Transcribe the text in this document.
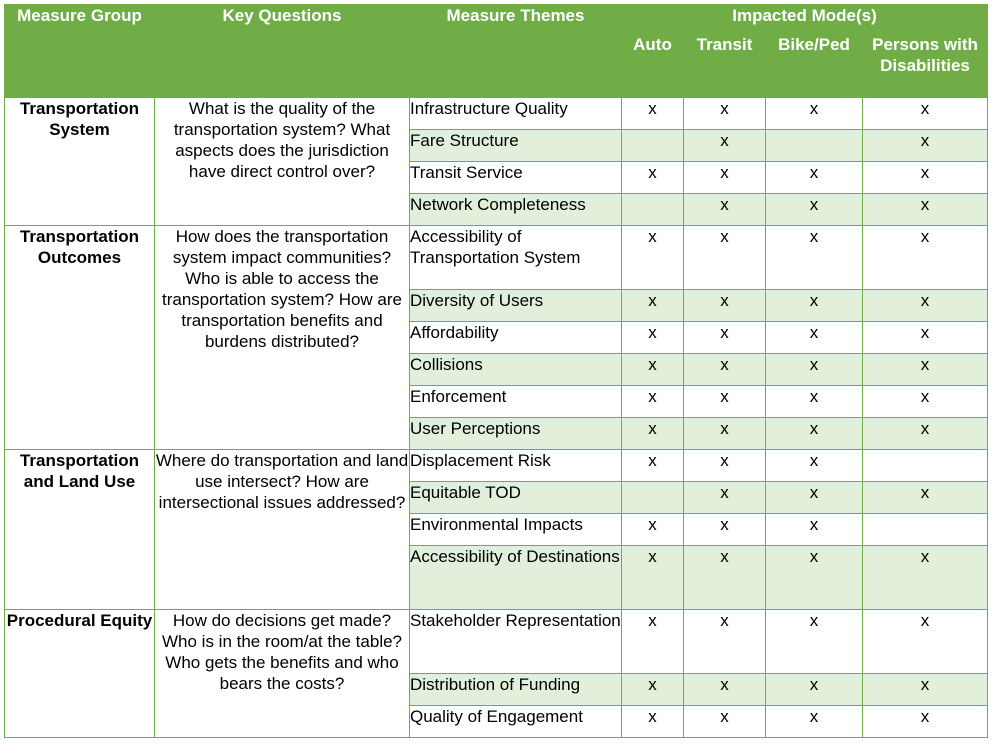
Measure Group	Key Questions	Measure Themes	Impacted Mode(s)			
			Auto	Transit	Bike/Ped	Persons with Disabilities
Transportation System	What is the quality of the transportation system? What aspects does the jurisdiction have direct control over?	Infrastructure Quality	x	x	x	x
		Fare Structure		x		x
		Transit Service	x	x	x	x
		Network Completeness		x	x	x
Transportation Outcomes	How does the transportation system impact communities? Who is able to access the transportation system? How are transportation benefits and burdens distributed?	Accessibility of Transportation System	x	x	x	x
		Diversity of Users	x	x	x	x
		Affordability	x	x	x	x
		Collisions	x	x	x	x
		Enforcement	x	x	x	x
		User Perceptions	x	x	x	x
Transportation and Land Use	Where do transportation and land use intersect? How are intersectional issues addressed?	Displacement Risk	x	x	x	
		Equitable TOD		x	x	x
		Environmental Impacts	x	x	x	
		Accessibility of Destinations	x	x	x	x
Procedural Equity	How do decisions get made? Who is in the room/at the table? Who gets the benefits and who bears the costs?	Stakeholder Representation	x	x	x	x
		Distribution of Funding	x	x	x	x
		Quality of Engagement	x	x	x	x
